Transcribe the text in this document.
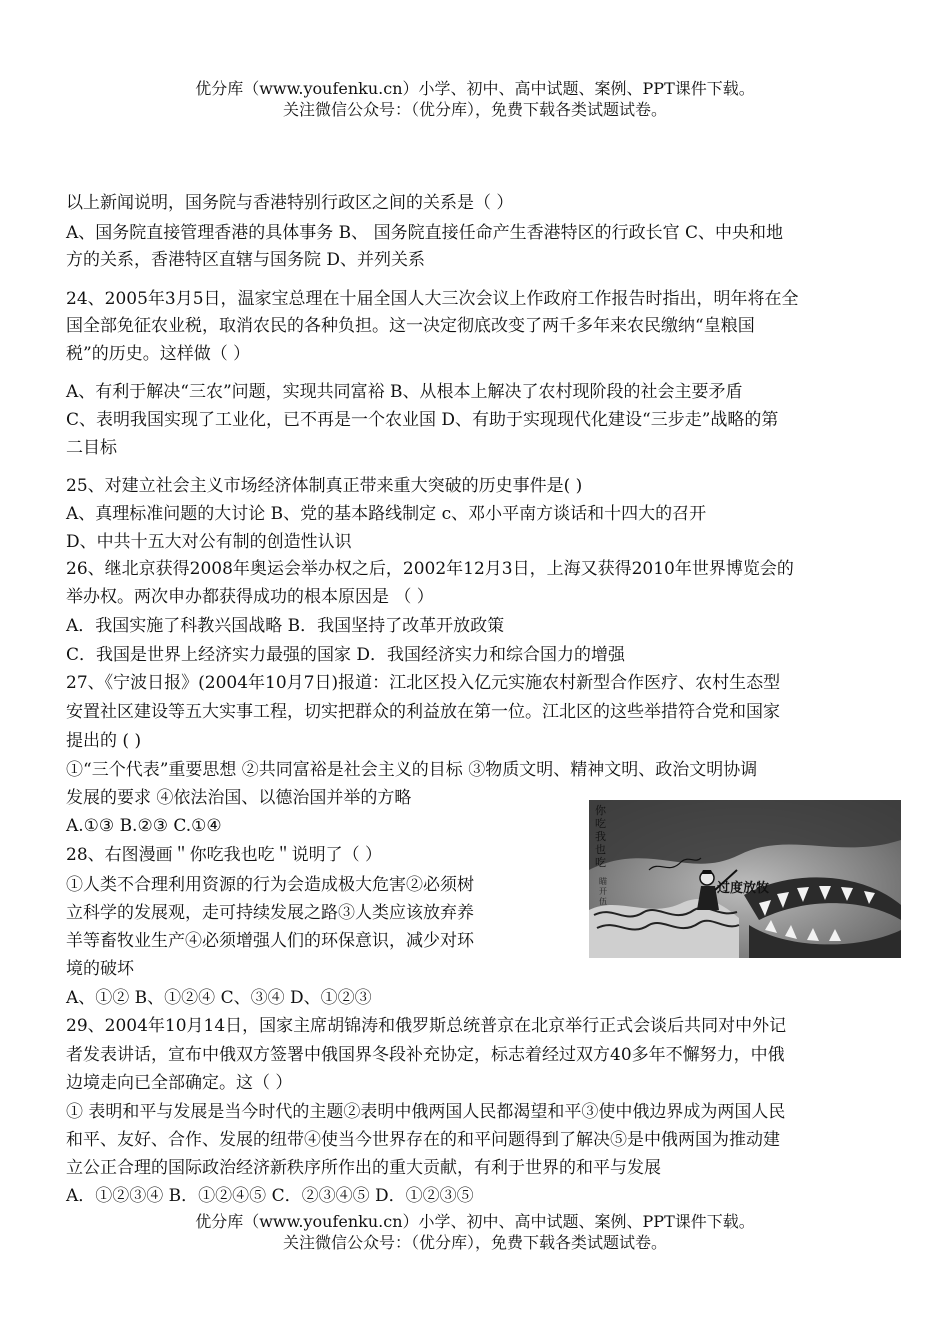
优分库（www.youfenku.cn）小学、初中、高中试题、案例、PPT课件下载。
关注微信公众号：（优分库），免费下载各类试题试卷。
以上新闻说明，国务院与香港特别行政区之间的关系是（ ）
A、国务院直接管理香港的具体事务 B、 国务院直接任命产生香港特区的行政长官 C、中央和地
方的关系，香港特区直辖与国务院 D、并列关系
24、2005年3月5日，温家宝总理在十届全国人大三次会议上作政府工作报告时指出，明年将在全
国全部免征农业税，取消农民的各种负担。这一决定彻底改变了两千多年来农民缴纳“皇粮国
税”的历史。这样做（ ）
A、有利于解决“三农”问题，实现共同富裕 B、从根本上解决了农村现阶段的社会主要矛盾
C、表明我国实现了工业化，已不再是一个农业国 D、有助于实现现代化建设“三步走”战略的第
二目标
25、对建立社会主义市场经济体制真正带来重大突破的历史事件是( )
A、真理标准问题的大讨论 B、党的基本路线制定 c、邓小平南方谈话和十四大的召开
D、中共十五大对公有制的创造性认识
26、继北京获得2008年奥运会举办权之后，2002年12月3日，上海又获得2010年世界博览会的
举办权。两次申办都获得成功的根本原因是 （ ）
A．我国实施了科教兴国战略 B．我国坚持了改革开放政策
C．我国是世界上经济实力最强的国家 D．我国经济实力和综合国力的增强
27、《宁波日报》(2004年10月7日)报道：江北区投入亿元实施农村新型合作医疗、农村生态型
安置社区建设等五大实事工程，切实把群众的利益放在第一位。江北区的这些举措符合党和国家
提出的 ( )
①“三个代表”重要思想 ②共同富裕是社会主义的目标 ③物质文明、精神文明、政治文明协调
发展的要求 ④依法治国、以德治国并举的方略
A.①③ B.②③ C.①④
28、右图漫画＂你吃我也吃＂说明了（ ）
①人类不合理利用资源的行为会造成极大危害②必须树
立科学的发展观，走可持续发展之路③人类应该放弃养
羊等畜牧业生产④必须增强人们的环保意识，减少对环
境的破坏
A、①② B、①②④ C、③④ D、①②③
你
吃
我
也
吃
瞄
开
伍
过度放牧
29、2004年10月14日，国家主席胡锦涛和俄罗斯总统普京在北京举行正式会谈后共同对中外记
者发表讲话，宣布中俄双方签署中俄国界冬段补充协定，标志着经过双方40多年不懈努力，中俄
边境走向已全部确定。这（ ）
① 表明和平与发展是当今时代的主题②表明中俄两国人民都渴望和平③使中俄边界成为两国人民
和平、友好、合作、发展的纽带④使当今世界存在的和平问题得到了解决⑤是中俄两国为推动建
立公正合理的国际政治经济新秩序所作出的重大贡献，有利于世界的和平与发展
A．①②③④ B．①②④⑤ C．②③④⑤ D．①②③⑤
优分库（www.youfenku.cn）小学、初中、高中试题、案例、PPT课件下载。
关注微信公众号：（优分库），免费下载各类试题试卷。
